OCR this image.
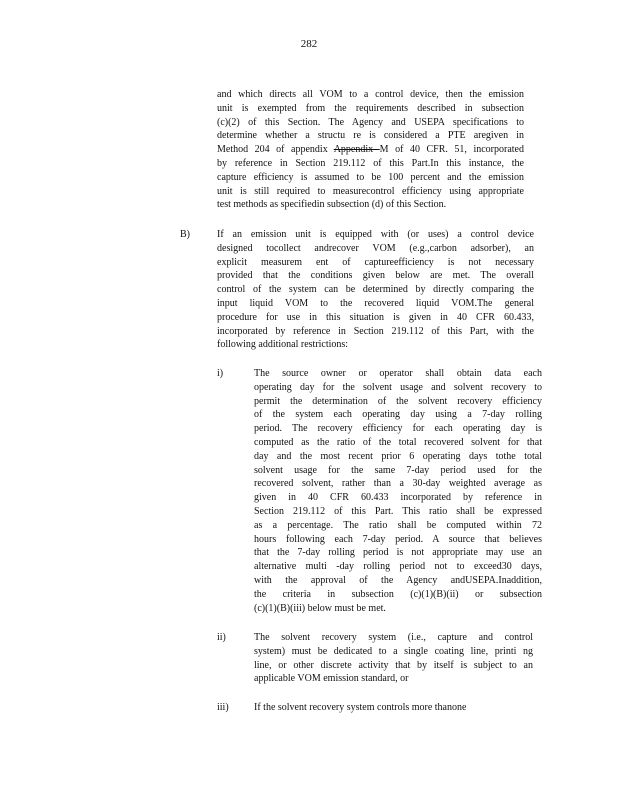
282
and which directs all VOM to a control device, then the emission
unit is exempted from the requirements described in subsection
(c)(2) of this Section. The Agency and USEPA specifications to
determine whether a structu re is considered a PTE aregiven in
Method 204 of appendix Appendix M of 40 CFR. 51, incorporated
by reference in Section 219.112 of this Part.In this instance, the
capture efficiency is assumed to be 100 percent and the emission
unit is still required to measurecontrol efficiency using appropriate
test methods as specifiedin subsection (d) of this Section.
B)	If an emission unit is equipped with (or uses) a control device
designed tocollect andrecover VOM (e.g.,carbon adsorber), an
explicit measurem ent of captureefficiency is not necessary
provided that the conditions given below are met. The overall
control of the system can be determined by directly comparing the
input liquid VOM to the recovered liquid VOM.The general
procedure for use in this situation is given in 40 CFR 60.433,
incorporated by reference in Section 219.112 of this Part, with the
following additional restrictions:
i)	The source owner or operator shall obtain data each
operating day for the solvent usage and solvent recovery to
permit the determination of the solvent recovery efficiency
of the system each operating day using a 7-day rolling
period. The recovery efficiency for each operating day is
computed as the ratio of the total recovered solvent for that
day and the most recent prior 6 operating days tothe total
solvent usage for the same 7-day period used for the
recovered solvent, rather than a 30-day weighted average as
given in 40 CFR 60.433 incorporated by reference in
Section 219.112 of this Part. This ratio shall be expressed
as a percentage. The ratio shall be computed within 72
hours following each 7-day period. A source that believes
that the 7-day rolling period is not appropriate may use an
alternative multi -day rolling period not to exceed30 days,
with the approval of the Agency andUSEPA.Inaddition,
the criteria in subsection (c)(1)(B)(ii) or subsection
(c)(1)(B)(iii) below must be met.
ii)	The solvent recovery system (i.e., capture and control
system) must be dedicated to a single coating line, printi ng
line, or other discrete activity that by itself is subject to an
applicable VOM emission standard, or
iii)	If the solvent recovery system controls more thanone
